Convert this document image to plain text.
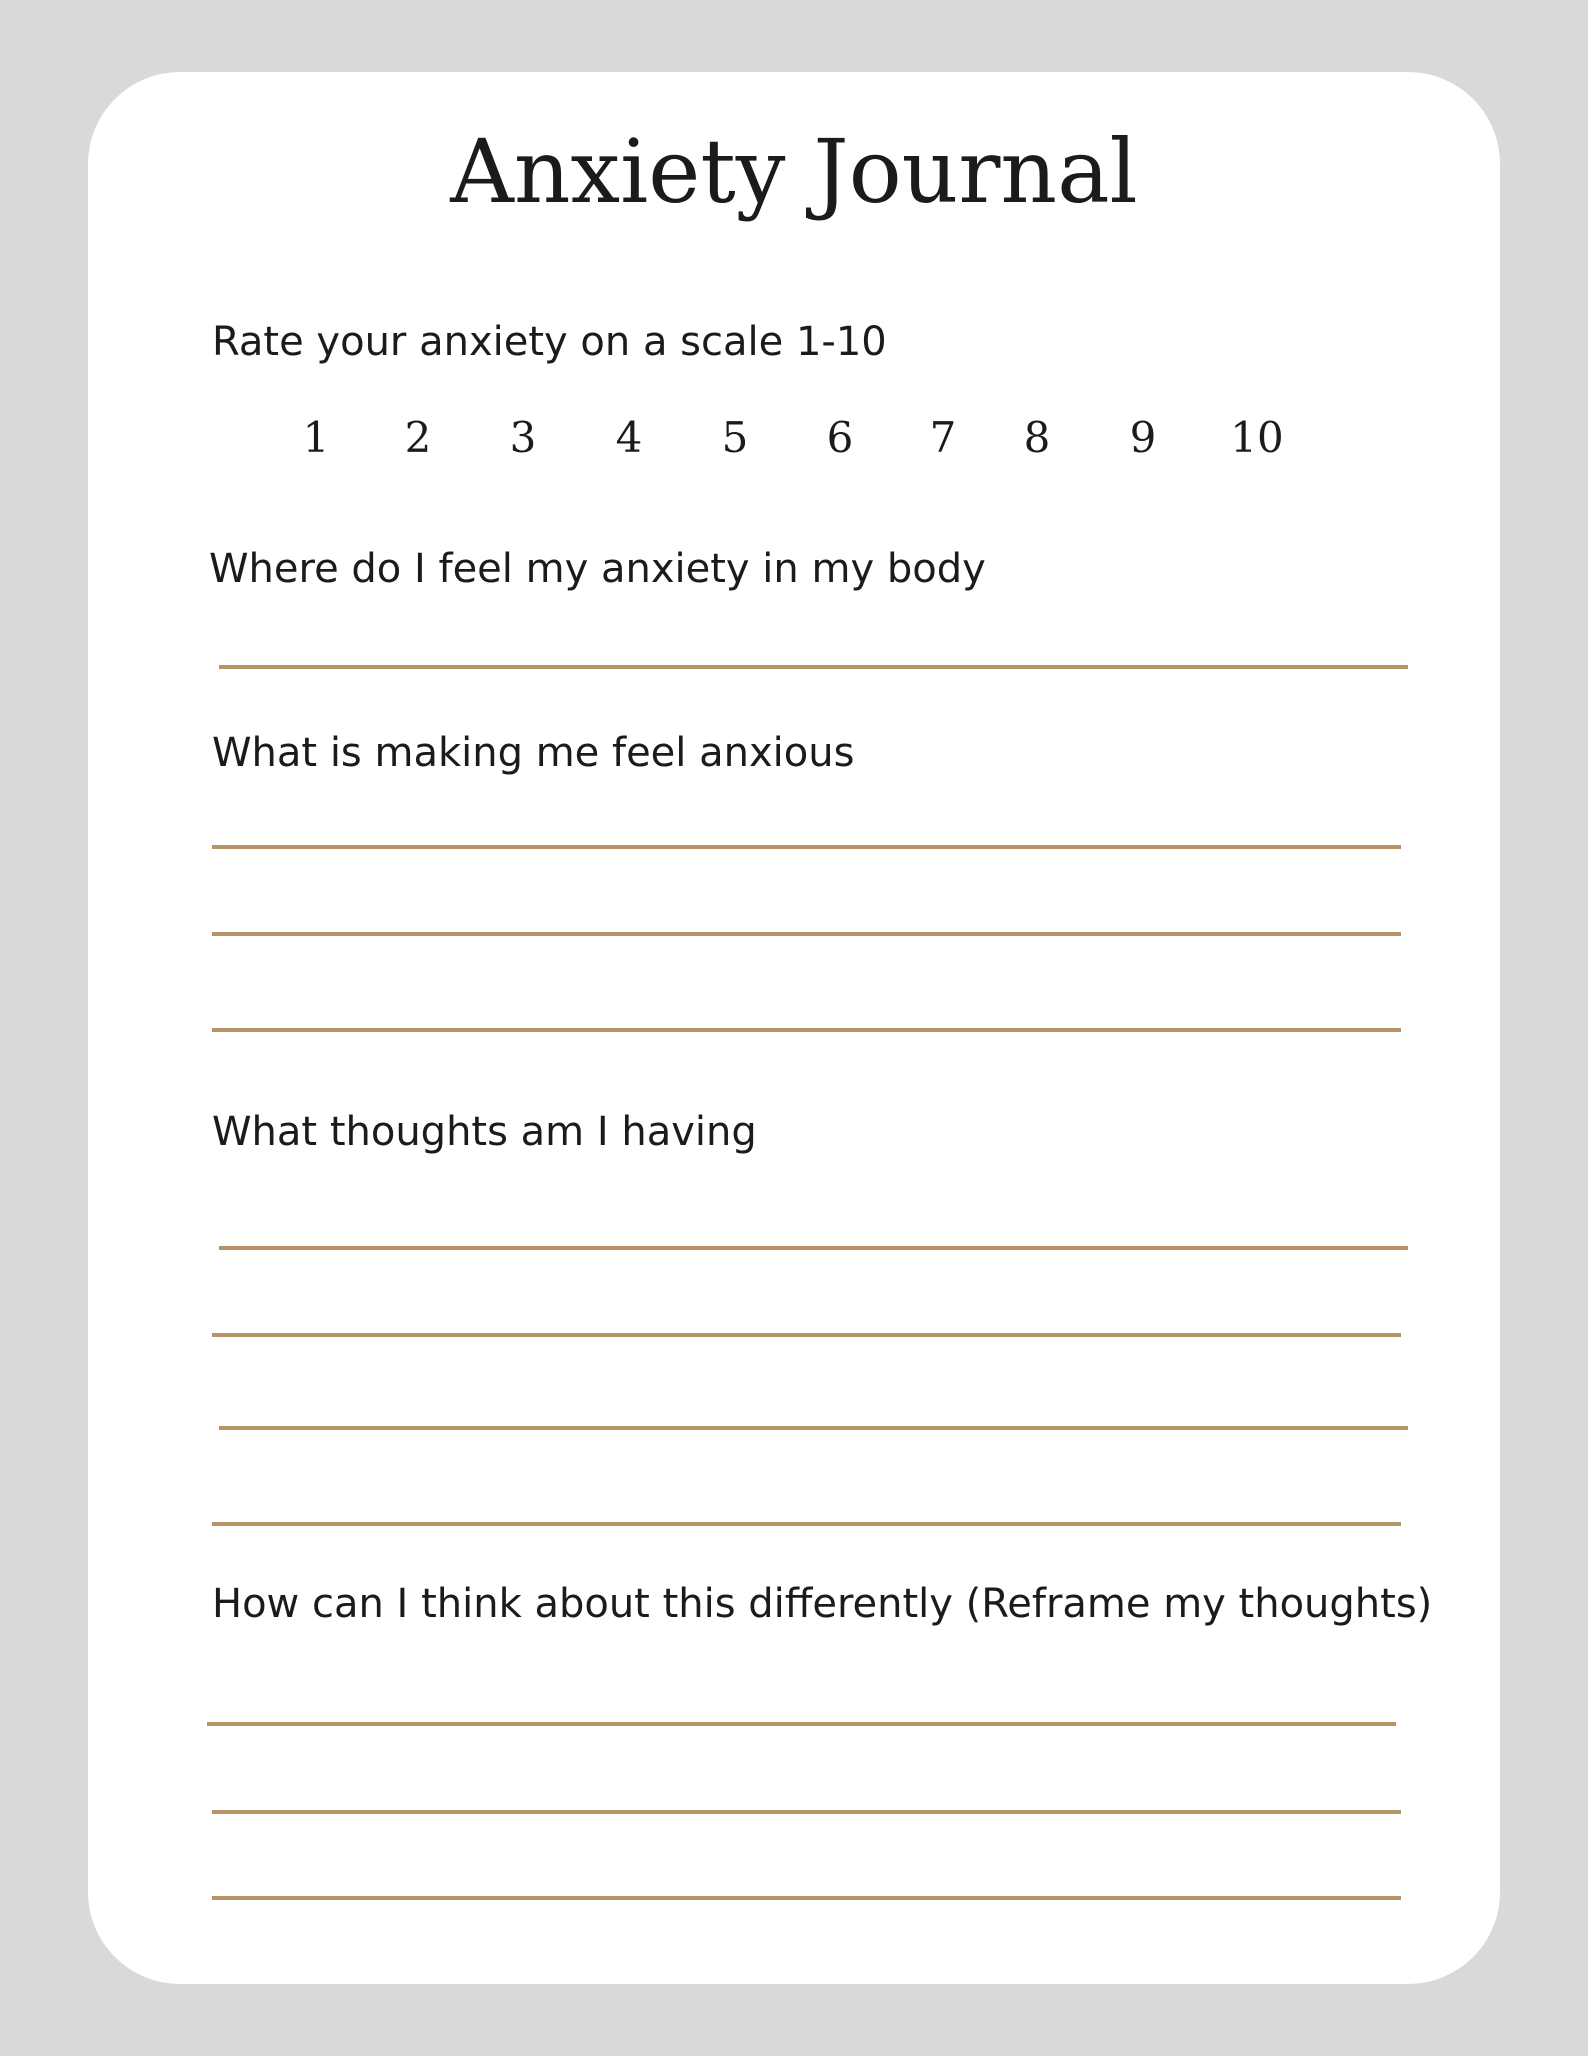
Anxiety Journal
Rate your anxiety on a scale 1-10
1	2	3	4	5	6	7	8	9	10
Where do I feel my anxiety in my body
What is making me feel anxious
What thoughts am I having
How can I think about this differently (Reframe my thoughts)
